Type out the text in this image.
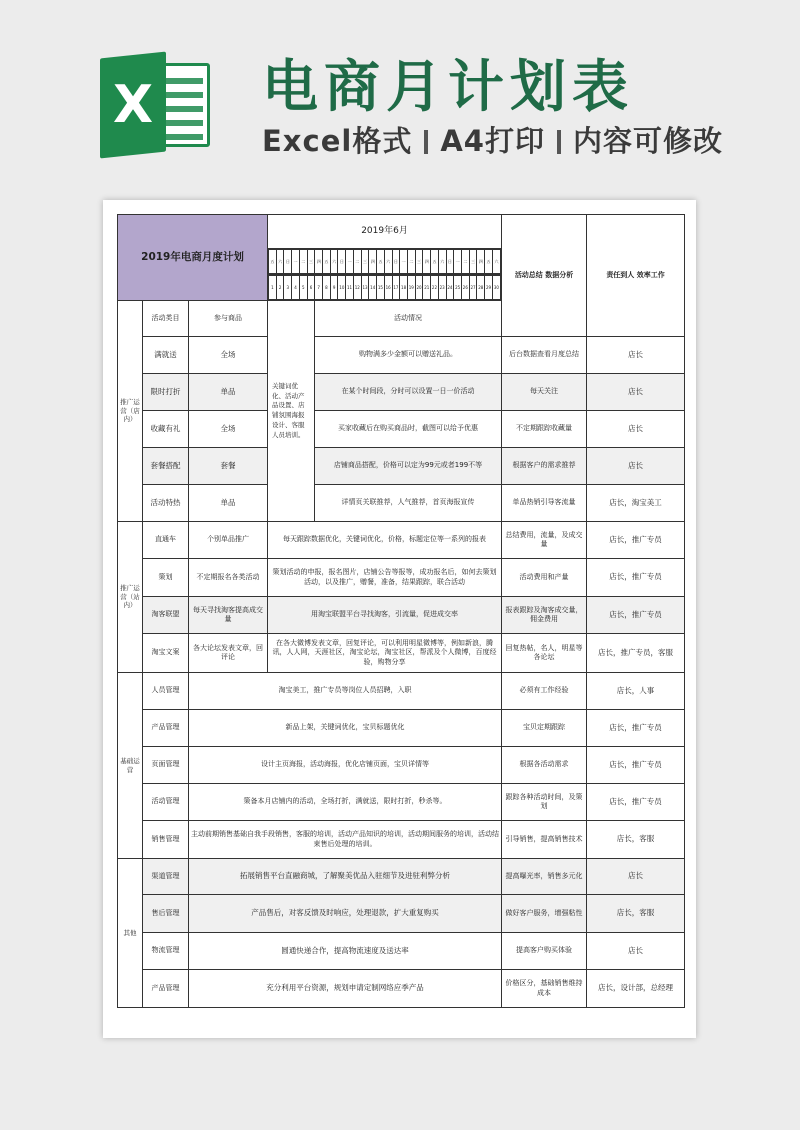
X 电商月计划表
Excel格式 A4打印 内容可修改
2019年电商月度计划	2019年6月	活动总结 数据分析	责任到人 效率工作

五	六	日	一	二	三	四	五	六	日	一	二	三	四	五	六	日	一	二	三	四	五	六	日	一	二	三	四	五	六

1	2	3	4	5	6	7	8	9	10	11	12	13	14	15	16	17	18	19	20	21	22	23	24	25	26	27	28	29	30

推广运营（店内）	活动类目	参与商品	关键词优化、活动产品设置、店铺氛围海报设计、客服人员培训。	活动情况
满就送	全场	购物满多少金额可以赠送礼品。	后台数据查看月度总结	店长
限时打折	单品	在某个时间段，分时可以设置一日一价活动	每天关注	店长
收藏有礼	全场	买家收藏后在购买商品时，截图可以给予优惠	不定期跟踪收藏量	店长
套餐搭配	套餐	店铺商品搭配，价格可以定为99元或者199不等	根据客户的需求推荐	店长
活动特热	单品	详情页关联推荐，人气推荐，首页海报宣传	单品热销引导客流量	店长，淘宝美工
推广运营（站内）	直通车	个别单品推广	每天跟踪数据优化，关键词优化，价格，标题定位等一系列的报表	总结费用，流量，及成交量	店长，推广专员
策划	不定期报名各类活动	策划活动的申报，报名图片，店铺公告等报等，成功报名后，如何去策划活动，以及推广，赠餐，准备，结果跟踪，联合活动	活动费用和产量	店长，推广专员
淘客联盟	每天寻找淘客提高成交量	用淘宝联盟平台寻找淘客，引流量，促进成交率	报表跟踪及淘客成交量，佣金费用	店长，推广专员
淘宝文案	各大论坛发表文章，回评论	在各大微博发表文章，回复评论，可以利用明星微博等，例如新浪，腾讯，人人网，天涯社区，淘宝论坛，淘宝社区，帮派及个人微博，百度经验，购物分享	回复热帖，名人，明星等各论坛	店长，推广专员，客服
基础运营	人员管理	淘宝美工，推广专员等岗位人员招聘，入职	必须有工作经验	店长，人事
产品管理	新品上架，关键词优化，宝贝标题优化	宝贝定期跟踪	店长，推广专员
页面管理	设计主页海报，活动海报，优化店铺页面，宝贝详情等	根据各活动需求	店长，推广专员
活动管理	策备本月店铺内的活动，全场打折，满就送，限时打折，秒杀等。	跟踪各种活动时间，及策划	店长，推广专员
销售管理	主动前期销售基础自我手段销售，客服的培训，活动产品知识的培训，活动期间服务的培训，活动结束售后处理的培训。	引导销售，提高销售技术	店长，客服
其他	渠道管理	拓展销售平台直融商城，了解聚美优品入驻细节及进驻利弊分析	提高曝光率，销售多元化	店长
售后管理	产品售后，对客反馈及时响应，处理退款，扩大重复购买	做好客户服务，增强粘性	店长，客服
物流管理	圆通快递合作，提高物流速度及送达率	提高客户购买体验	店长
产品管理	充分利用平台资源，规划申请定制网络应季产品	价格区分，基础销售维持成本	店长，设计部，总经理
